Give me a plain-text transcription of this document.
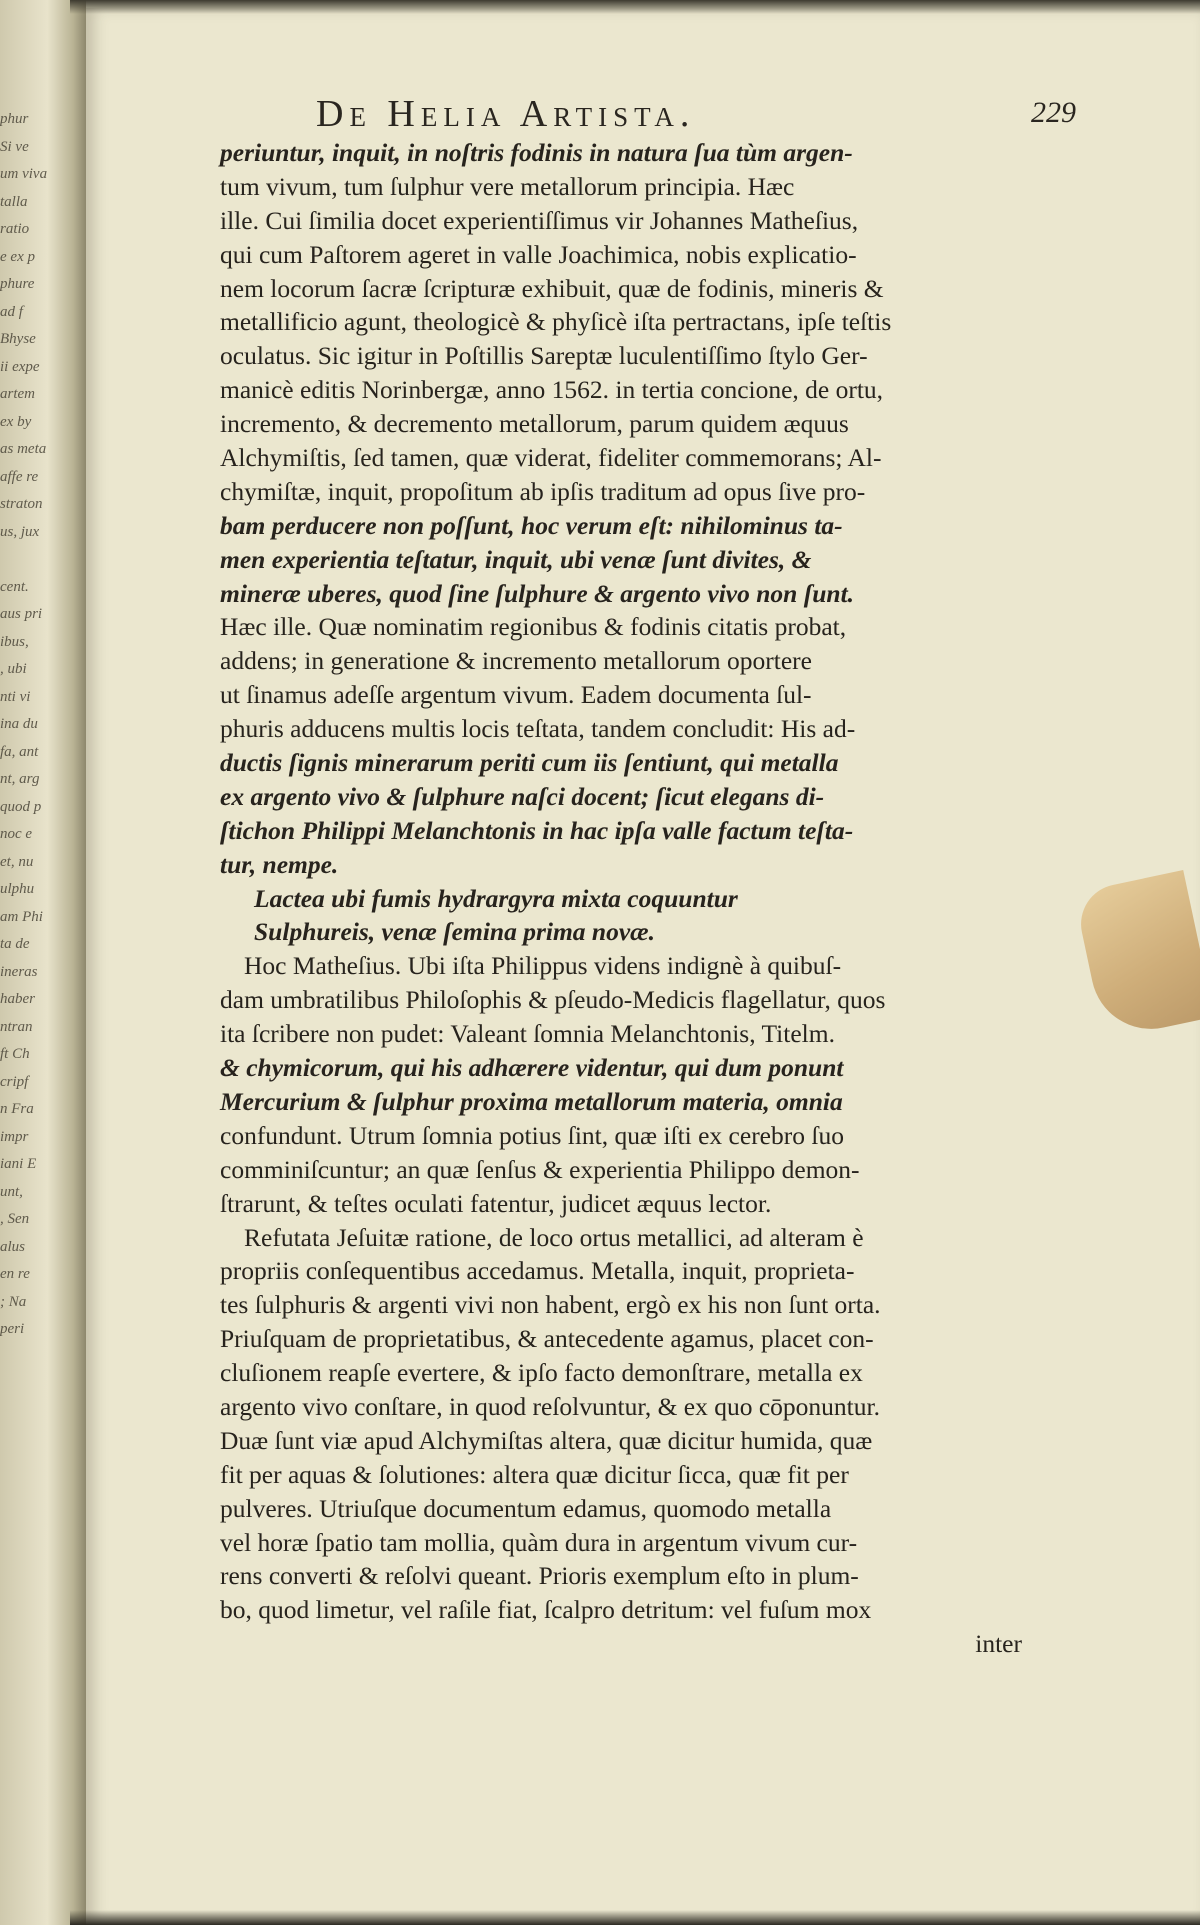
phur
Si ve
um viva
talla
ratio
e ex p
phure
ad f
Bhyse
ii expe
artem
ex by
as meta
affe re
straton
us, jux
cent.
aus pri
ibus,
, ubi
nti vi
ina du
fa, ant
nt, arg
quod p
noc e
et, nu
ulphu
am Phi
ta de
ineras
haber
ntran
ft Ch
cripf
n Fra
impr
iani E
unt,
, Sen
alus
en re
; Na
peri
De Helia Artista.	229
periuntur, inquit, in noſtris fodinis in natura ſua tùm argen-
tum vivum, tum ſulphur vere metallorum principia. Hæc
ille. Cui ſimilia docet experientiſſimus vir Johannes Matheſius,
qui cum Paſtorem ageret in valle Joachimica, nobis explicatio-
nem locorum ſacræ ſcripturæ exhibuit, quæ de fodinis, mineris &
metallificio agunt, theologicè & phyſicè iſta pertractans, ipſe teſtis
oculatus. Sic igitur in Poſtillis Sareptæ luculentiſſimo ſtylo Ger-
manicè editis Norinbergæ, anno 1562. in tertia concione, de ortu,
incremento, & decremento metallorum, parum quidem æquus
Alchymiſtis, ſed tamen, quæ viderat, fideliter commemorans; Al-
chymiſtæ, inquit, propoſitum ab ipſis traditum ad opus ſive pro-
bam perducere non poſſunt, hoc verum eſt: nihilominus ta-
men experientia teſtatur, inquit, ubi venæ ſunt divites, &
mineræ uberes, quod ſine ſulphure & argento vivo non ſunt.
Hæc ille. Quæ nominatim regionibus & fodinis citatis probat,
addens; in generatione & incremento metallorum oportere
ut ſinamus adeſſe argentum vivum. Eadem documenta ſul-
phuris adducens multis locis teſtata, tandem concludit: His ad-
ductis ſignis minerarum periti cum iis ſentiunt, qui metalla
ex argento vivo & ſulphure naſci docent; ſicut elegans di-
ſtichon Philippi Melanchtonis in hac ipſa valle factum teſta-
tur, nempe.
Lactea ubi fumis hydrargyra mixta coquuntur
Sulphureis, venæ ſemina prima novæ.
Hoc Matheſius. Ubi iſta Philippus videns indignè à quibuſ-
dam umbratilibus Philoſophis & pſeudo-Medicis flagellatur, quos
ita ſcribere non pudet: Valeant ſomnia Melanchtonis, Titelm.
& chymicorum, qui his adhærere videntur, qui dum ponunt
Mercurium & ſulphur proxima metallorum materia, omnia
confundunt. Utrum ſomnia potius ſint, quæ iſti ex cerebro ſuo
comminiſcuntur; an quæ ſenſus & experientia Philippo demon-
ſtrarunt, & teſtes oculati fatentur, judicet æquus lector.
Refutata Jeſuitæ ratione, de loco ortus metallici, ad alteram è
propriis conſequentibus accedamus. Metalla, inquit, proprieta-
tes ſulphuris & argenti vivi non habent, ergò ex his non ſunt orta.
Priuſquam de proprietatibus, & antecedente agamus, placet con-
cluſionem reapſe evertere, & ipſo facto demonſtrare, metalla ex
argento vivo conſtare, in quod reſolvuntur, & ex quo cōponuntur.
Duæ ſunt viæ apud Alchymiſtas altera, quæ dicitur humida, quæ
fit per aquas & ſolutiones: altera quæ dicitur ſicca, quæ fit per
pulveres. Utriuſque documentum edamus, quomodo metalla
vel horæ ſpatio tam mollia, quàm dura in argentum vivum cur-
rens converti & reſolvi queant. Prioris exemplum eſto in plum-
bo, quod limetur, vel raſile fiat, ſcalpro detritum: vel fuſum mox
inter
